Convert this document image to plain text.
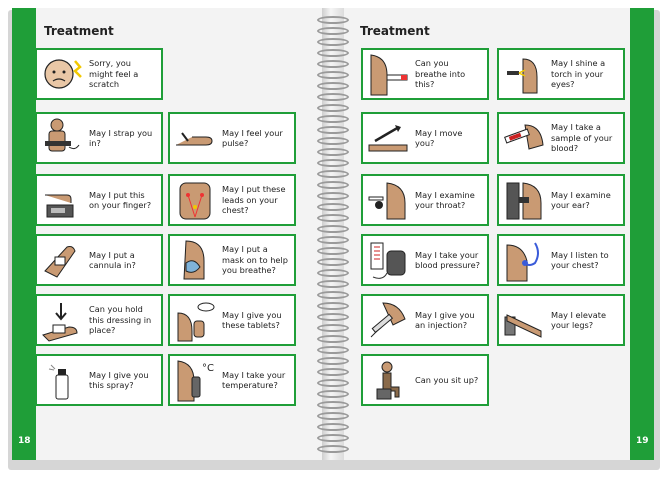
18	19
Treatment	Treatment
Sorry, you might feel a scratch
May I strap you in?
May I feel your pulse?
May I put this on your finger?
May I put these leads on your chest?
May I put a cannula in?
May I put a mask on to help you breathe?
Can you hold this dressing in place?
May I give you these tablets?
May I give you this spray?
°C
May I take your temperature?
Can you breathe into this?
May I shine a torch in your eyes?
May I move you?
May I take a sample of your blood?
May I examine your throat?
May I examine your ear?
May I take your blood pressure?
May I listen to your chest?
May I give you an injection?
May I elevate your legs?
Can you sit up?
